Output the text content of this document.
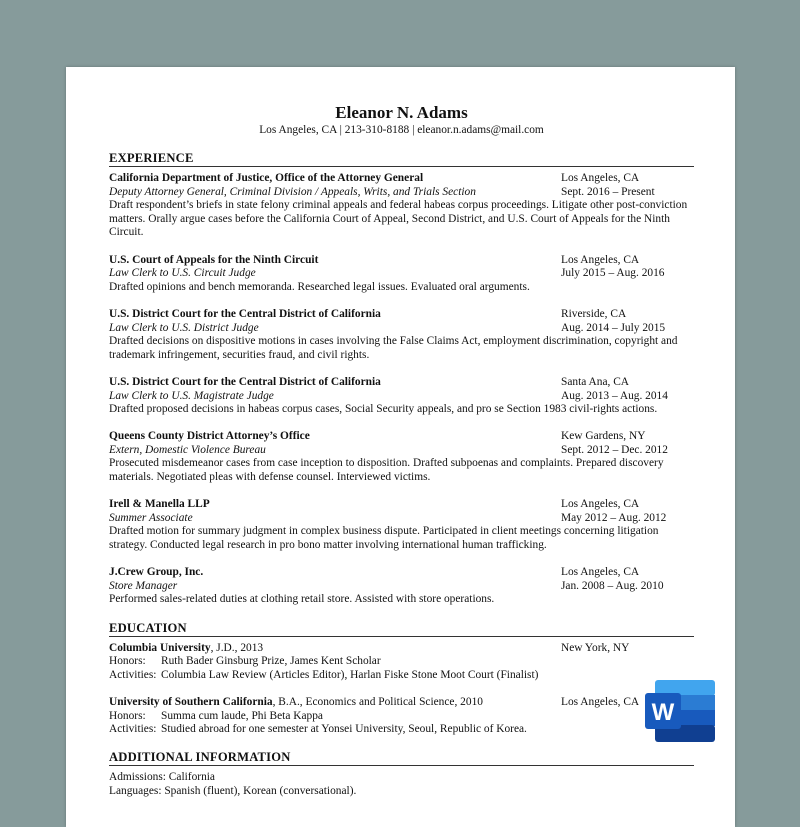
Eleanor N. Adams

Los Angeles, CA | 213-310-8188 | eleanor.n.adams@mail.com

EXPERIENCE
California Department of Justice, Office of the Attorney General	Los Angeles, CA
Deputy Attorney General, Criminal Division / Appeals, Writs, and Trials Section	Sept. 2016 – Present

Draft respondent’s briefs in state felony criminal appeals and federal habeas corpus proceedings. Litigate other post-conviction matters. Orally argue cases before the California Court of Appeal, Second District, and U.S. Court of Appeals for the Ninth Circuit.

U.S. Court of Appeals for the Ninth Circuit	Los Angeles, CA
Law Clerk to U.S. Circuit Judge	July 2015 – Aug. 2016

Drafted opinions and bench memoranda. Researched legal issues. Evaluated oral arguments.

U.S. District Court for the Central District of California	Riverside, CA
Law Clerk to U.S. District Judge	Aug. 2014 – July 2015

Drafted decisions on dispositive motions in cases involving the False Claims Act, employment discrimination, copyright and trademark infringement, securities fraud, and civil rights.

U.S. District Court for the Central District of California	Santa Ana, CA
Law Clerk to U.S. Magistrate Judge	Aug. 2013 – Aug. 2014

Drafted proposed decisions in habeas corpus cases, Social Security appeals, and pro se Section 1983 civil-rights actions.

Queens County District Attorney’s Office	Kew Gardens, NY
Extern, Domestic Violence Bureau	Sept. 2012 – Dec. 2012

Prosecuted misdemeanor cases from case inception to disposition. Drafted subpoenas and complaints. Prepared discovery materials. Negotiated pleas with defense counsel. Interviewed victims.

Irell & Manella LLP	Los Angeles, CA
Summer Associate	May 2012 – Aug. 2012

Drafted motion for summary judgment in complex business dispute. Participated in client meetings concerning litigation strategy. Conducted legal research in pro bono matter involving international human trafficking.

J.Crew Group, Inc.	Los Angeles, CA
Store Manager	Jan. 2008 – Aug. 2010

Performed sales-related duties at clothing retail store. Assisted with store operations.

EDUCATION
Columbia University, J.D., 2013	New York, NY
Honors:	Ruth Bader Ginsburg Prize, James Kent Scholar
Activities: Columbia Law Review (Articles Editor), Harlan Fiske Stone Moot Court (Finalist)
University of Southern California, B.A., Economics and Political Science, 2010	Los Angeles, CA
Honors:	Summa cum laude, Phi Beta Kappa
Activities: Studied abroad for one semester at Yonsei University, Seoul, Republic of Korea.
ADDITIONAL INFORMATION

Admissions: California

Languages: Spanish (fluent), Korean (conversational).

W
